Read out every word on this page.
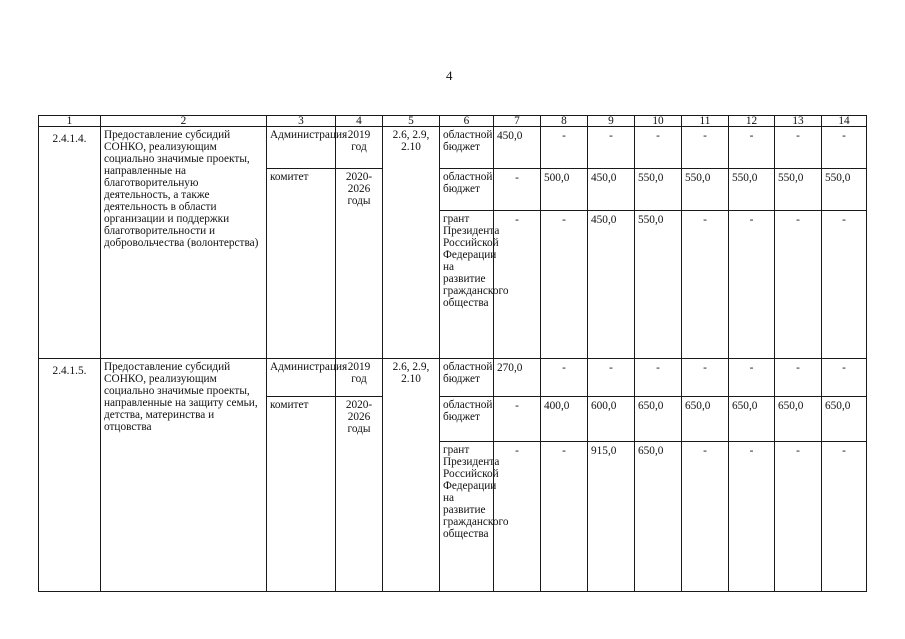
4
1	2	3	4	5	6	7	8	9	10	11	12	13	14
2.4.1.4.	Предоставление субсидий СОНКО, реализующим социально значимые проекты, направленные на благотворительную деятельность, а также деятельность в области организации и поддержки благотворительности и добровольчества (волонтерства)	Администрация	2019 год	2.6, 2.9, 2.10	областной бюджет	450,0	-	-	-	-	-	-	-
		комитет	2020-2026 годы		областной бюджет	-	500,0	450,0	550,0	550,0	550,0	550,0	550,0
					грант Президента Российской Федерации на развитие гражданского общества	-	-	450,0	550,0	-	-	-	-
2.4.1.5.	Предоставление субсидий СОНКО, реализующим социально значимые проекты, направленные на защиту семьи, детства, материнства и отцовства	Администрация	2019 год	2.6, 2.9, 2.10	областной бюджет	270,0	-	-	-	-	-	-	-
		комитет	2020-2026 годы		областной бюджет	-	400,0	600,0	650,0	650,0	650,0	650,0	650,0
					грант Президента Российской Федерации на развитие гражданского общества	-	-	915,0	650,0	-	-	-	-
